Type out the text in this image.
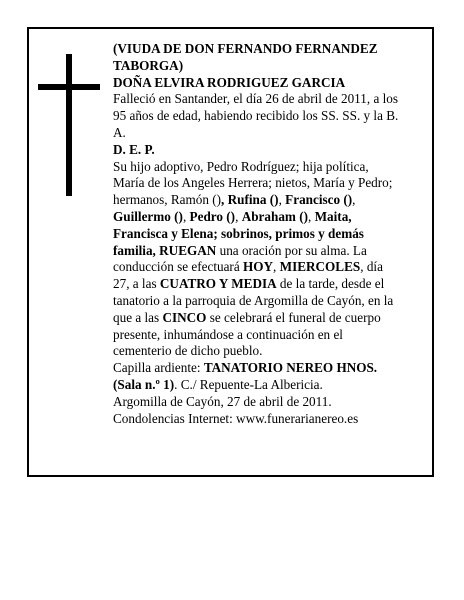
(VIUDA DE DON FERNANDO FERNANDEZ TABORGA)

DOÑA ELVIRA RODRIGUEZ GARCIA

Falleció en Santander, el día 26 de abril de 2011, a los 95 años de edad, habiendo recibido los SS. SS. y la B. A.

D. E. P.

Su hijo adoptivo, Pedro Rodríguez; hija política, María de los Angeles Herrera; nietos, María y Pedro; hermanos, Ramón (), Rufina (), Francisco (), Guillermo (), Pedro (), Abraham (), Maita, Francisca y Elena; sobrinos, primos y demás familia, RUEGAN una oración por su alma. La conducción se efectuará HOY, MIERCOLES, día 27, a las CUATRO Y MEDIA de la tarde, desde el tanatorio a la parroquia de Argomilla de Cayón, en la que a las CINCO se celebrará el funeral de cuerpo presente, inhumándose a continuación en el cementerio de dicho pueblo.

Capilla ardiente: TANATORIO NEREO HNOS. (Sala n.º 1). C./ Repuente-La Albericia.

Argomilla de Cayón, 27 de abril de 2011.

Condolencias Internet: www.funerarianereo.es
